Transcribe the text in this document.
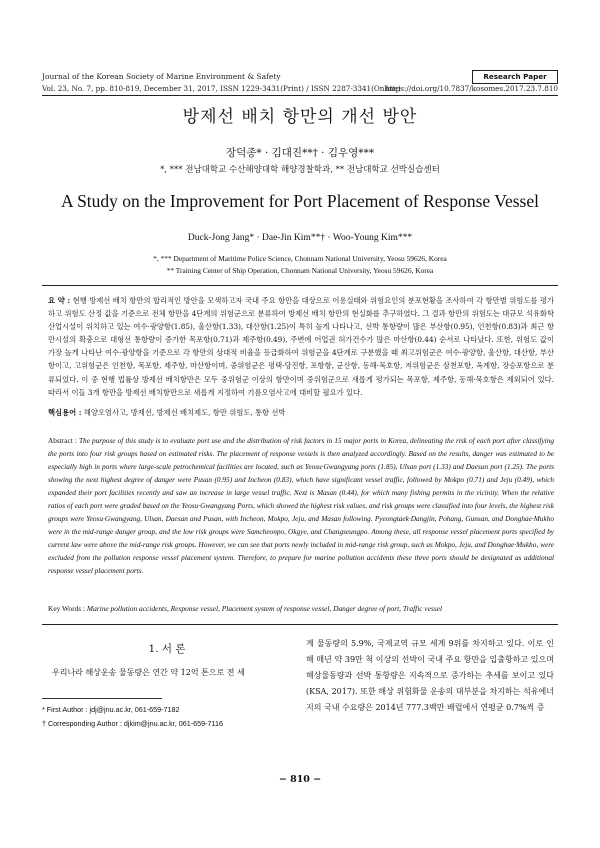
Journal of the Korean Society of Marine Environment & Safety	Research Paper
Vol. 23, No. 7, pp. 810-819, December 31, 2017, ISSN 1229-3431(Print) / ISSN 2287-3341(Online)
https://doi.org/10.7837/kosomes.2017.23.7.810
방제선 배치 항만의 개선 방안
장덕종* · 김대진**† · 김우영***
*, *** 전남대학교 수산해양대학 해양경찰학과, ** 전남대학교 선박실습센터
A Study on the Improvement for Port Placement of Response Vessel
Duck-Jong Jang* · Dae-Jin Kim**† · Woo-Young Kim***
*, *** Department of Maritime Police Science, Chonnam National University, Yeosu 59626, Korea
** Training Center of Ship Operation, Chonnam National University, Yeosu 59626, Korea
요 약 : 현행 방제선 배치 항만의 합리적인 방안을 모색하고자 국내 주요 항만을 대상으로 이용실태와 위험요인의 분포현황을 조사하여 각 항만별 위험도를 평가하고 위험도 산정 값을 기준으로 전체 항만을 4단계의 위험군으로 분류하여 방제선 배치 항만의 현실화를 추구하였다. 그 결과 항만의 위험도는 대규모 석유화학 산업시설이 위치하고 있는 여수·광양항(1.85), 울산항(1.33), 대산항(1.25)이 특히 높게 나타나고, 선박 통항량이 많은 부산항(0.95), 인천항(0.83)과 최근 항만시설의 확충으로 대형선 통항량이 증가한 목포항(0.71)과 제주항(0.49), 주변에 어업권 허가건수가 많은 마산항(0.44) 순서로 나타났다. 또한, 위험도 값이 가장 높게 나타난 여수·광양항을 기준으로 각 항만의 상대적 비율을 등급화하여 위험군을 4단계로 구분했을 때 최고위험군은 여수·광양항, 울산항, 대산항, 부산항이고, 고위험군은 인천항, 목포항, 제주항, 마산항이며, 중위험군은 평택·당진항, 포항항, 군산항, 동해·묵호항, 저위험군은 삼천포항, 옥계항, 장승포항으로 분류되었다. 이 중 현행 법률상 방제선 배치항만은 모두 중위험군 이상의 항만이며 중위험군으로 새롭게 평가되는 목포항, 제주항, 동해·묵호항은 제외되어 있다. 따라서 이들 3개 항만을 방제선 배치항만으로 새롭게 지정하여 기름오염사고에 대비할 필요가 있다.
핵심용어 : 해양오염사고, 방제선, 방제선 배치제도, 항만 위험도, 통항 선박
Abstract : The purpose of this study is to evaluate port use and the distribution of risk factors in 15 major ports in Korea, delineating the risk of each port after classifying the ports into four risk groups based on estimated risks. The placement of response vessels is then analyzed accordingly. Based on the results, danger was estimated to be especially high in ports where large-scale petrochemical facilities are located, such as Yeosu·Gwangyang ports (1.85), Ulsan port (1.33) and Daesan port (1.25). The ports showing the next highest degree of danger were Pusan (0.95) and Incheon (0.83), which have significant vessel traffic, followed by Mokpo (0.71) and Jeju (0.49), which expanded their port facilities recently and saw an increase in large vessel traffic. Next is Masan (0.44), for which many fishing permits in the vicinity. When the relative ratios of each port were graded based on the Yeosu·Gwangyang Ports, which showed the highest risk values, and risk groups were classified into four levels, the highest risk groups were Yeosu·Gwangyang, Ulsan, Daesan and Pusan, with Incheon, Mokpo, Jeju, and Masan following. Pyeongtaek·Dangjin, Pohang, Gunsan, and Donghae·Mukho were in the mid-range danger group, and the low risk groups were Samcheonpo, Okgye, and Changseungpo. Among these, all response vessel placement ports specified by current law were above the mid-range risk groups. However, we can see that ports newly included in mid-range risk group, such as Mokpo, Jeju, and Donghae·Mukho, were excluded from the pollution response vessel placement system. Therefore, to prepare for marine pollution accidents these three ports should be designated as additional response vessel placement ports.
Key Words : Marine pollution accidents, Response vessel, Placement system of response vessel, Danger degree of port, Traffic vessel
1. 서 론
우리나라 해상운송 물동량은 연간 약 12억 톤으로 전 세
계 물동량의 5.9%, 국제교역 규모 세계 9위를 차지하고 있다. 이로 인해 매년 약 39만 척 이상의 선박이 국내 주요 항만을 입출항하고 있으며 해상물동량과 선박 통항량은 지속적으로 증가하는 추세를 보이고 있다(KSA, 2017). 또한 해상 위험화물 운송의 대부분을 차지하는 석유에너지의 국내 수요량은 2014년 777.3백만 배럴에서 연평균 0.7%씩 증
* First Author : jdj@jnu.ac.kr, 061-659-7182
† Corresponding Author : djkim@jnu.ac.kr, 061-659-7116
− 810 −
